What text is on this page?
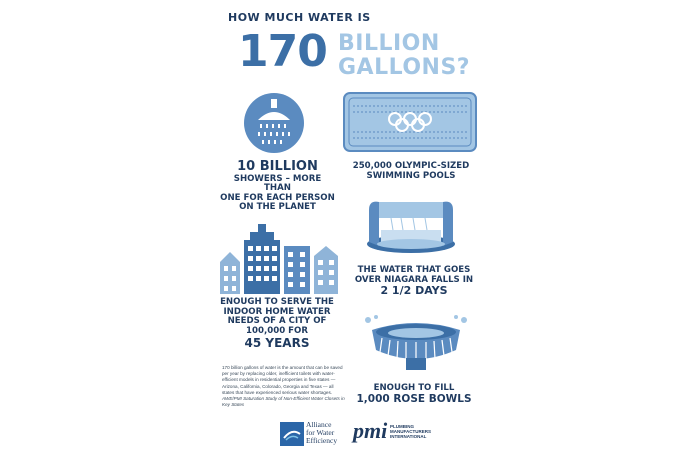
HOW MUCH WATER IS
170 BILLION
GALLONS?
10 BILLION
SHOWERS – MORE THAN
ONE FOR EACH PERSON
ON THE PLANET
250,000 OLYMPIC-SIZED
SWIMMING POOLS
THE WATER THAT GOES
OVER NIAGARA FALLS IN
2 1/2 DAYS
ENOUGH TO SERVE THE
INDOOR HOME WATER
NEEDS OF A CITY OF
100,000 FOR
45 YEARS
ENOUGH TO FILL
1,000 ROSE BOWLS
170 billion gallons of water is the amount that can be saved per year by replacing older, inefficient toilets with water-efficient models in residential properties in five states — Arizona, California, Colorado, Georgia and Texas — all states that have experienced serious water shortages.
AWE/PMI Saturation Study of Non-Efficient Water Closets in Key States
Alliance
for Water
Efficiency pmi PLUMBING
MANUFACTURERS
INTERNATIONAL
